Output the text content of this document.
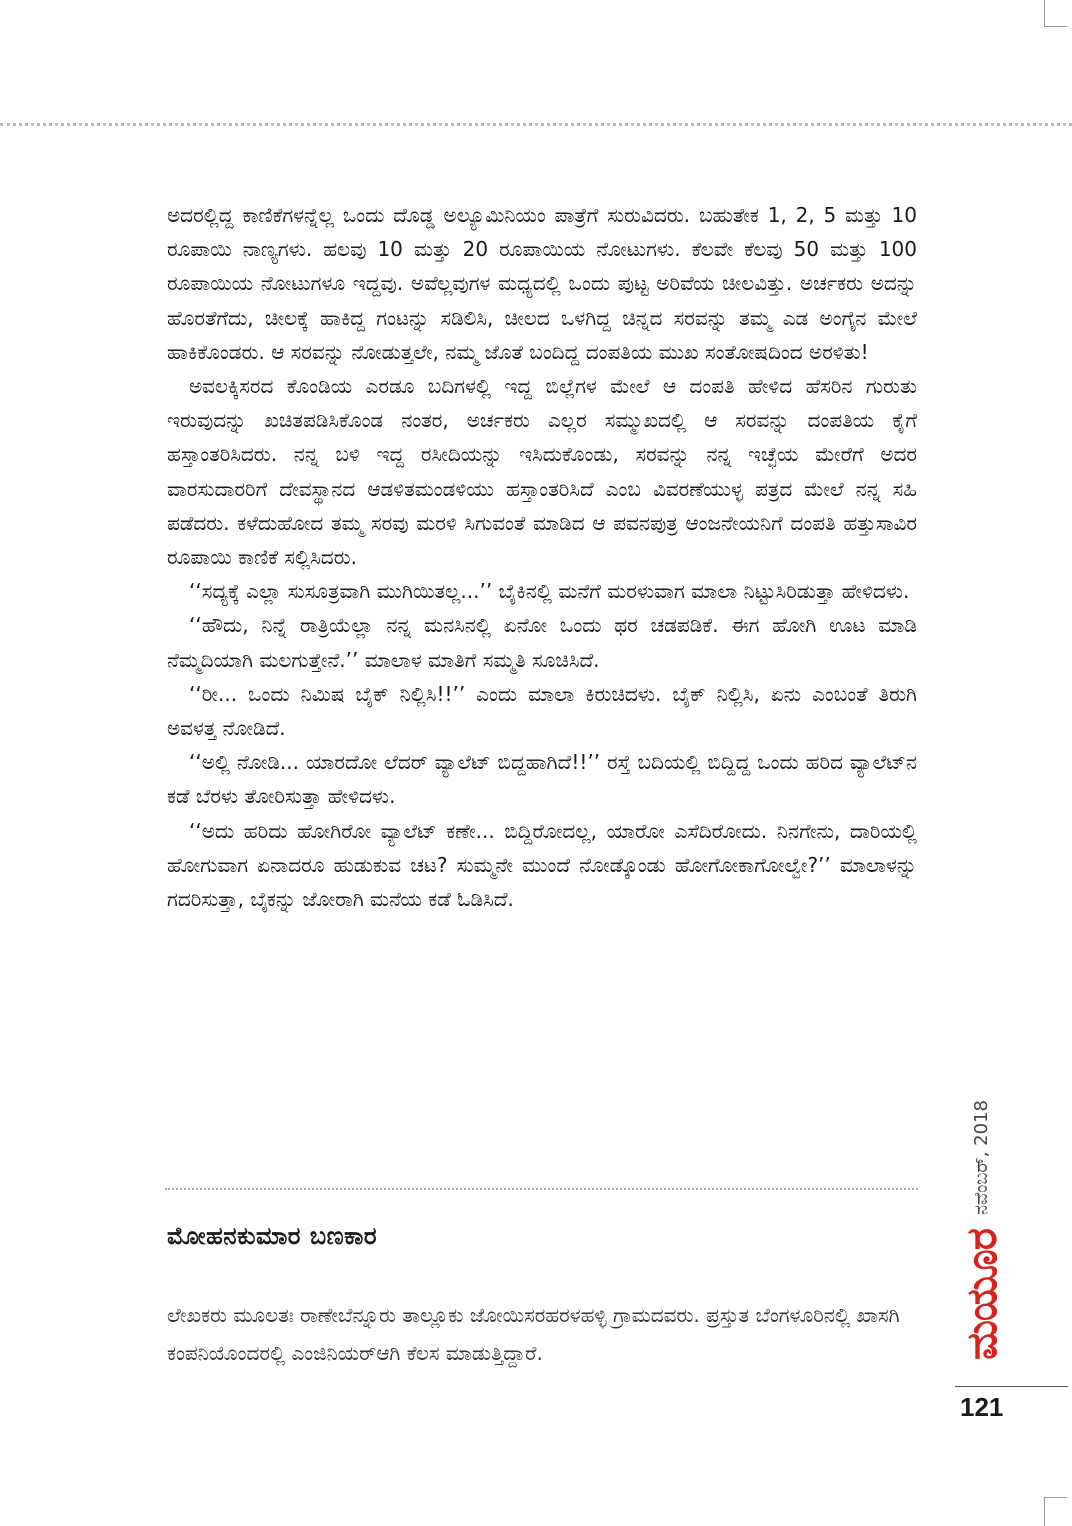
ಅದರಲ್ಲಿದ್ದ ಕಾಣಿಕೆಗಳನ್ನೆಲ್ಲ ಒಂದು ದೊಡ್ಡ ಅಲ್ಯೂಮಿನಿಯಂ ಪಾತ್ರೆಗೆ ಸುರುವಿದರು. ಬಹುತೇಕ 1, 2, 5 ಮತ್ತು 10 ರೂಪಾಯಿ ನಾಣ್ಯಗಳು. ಹಲವು 10 ಮತ್ತು 20 ರೂಪಾಯಿಯ ನೋಟುಗಳು. ಕೆಲವೇ ಕೆಲವು 50 ಮತ್ತು 100 ರೂಪಾಯಿಯ ನೋಟುಗಳೂ ಇದ್ದವು. ಅವೆಲ್ಲವುಗಳ ಮಧ್ಯದಲ್ಲಿ ಒಂದು ಪುಟ್ಟ ಅರಿವೆಯ ಚೀಲವಿತ್ತು. ಅರ್ಚಕರು ಅದನ್ನು ಹೊರತೆಗೆದು, ಚೀಲಕ್ಕೆ ಹಾಕಿದ್ದ ಗಂಟನ್ನು ಸಡಿಲಿಸಿ, ಚೀಲದ ಒಳಗಿದ್ದ ಚಿನ್ನದ ಸರವನ್ನು ತಮ್ಮ ಎಡ ಅಂಗೈನ ಮೇಲೆ ಹಾಕಿಕೊಂಡರು. ಆ ಸರವನ್ನು ನೋಡುತ್ತಲೇ, ನಮ್ಮ ಜೊತೆ ಬಂದಿದ್ದ ದಂಪತಿಯ ಮುಖ ಸಂತೋಷದಿಂದ ಅರಳಿತು!

ಅವಲಕ್ಕಿಸರದ ಕೊಂಡಿಯ ಎರಡೂ ಬದಿಗಳಲ್ಲಿ ಇದ್ದ ಬಿಲ್ಲೆಗಳ ಮೇಲೆ ಆ ದಂಪತಿ ಹೇಳಿದ ಹೆಸರಿನ ಗುರುತು ಇರುವುದನ್ನು ಖಚಿತಪಡಿಸಿಕೊಂಡ ನಂತರ, ಅರ್ಚಕರು ಎಲ್ಲರ ಸಮ್ಮುಖದಲ್ಲಿ ಆ ಸರವನ್ನು ದಂಪತಿಯ ಕೈಗೆ ಹಸ್ತಾಂತರಿಸಿದರು. ನನ್ನ ಬಳಿ ಇದ್ದ ರಸೀದಿಯನ್ನು ಇಸಿದುಕೊಂಡು, ಸರವನ್ನು ನನ್ನ ಇಚ್ಛೆಯ ಮೇರೆಗೆ ಅದರ ವಾರಸುದಾರರಿಗೆ ದೇವಸ್ಥಾನದ ಆಡಳಿತಮಂಡಳಿಯು ಹಸ್ತಾಂತರಿಸಿದೆ ಎಂಬ ವಿವರಣೆಯುಳ್ಳ ಪತ್ರದ ಮೇಲೆ ನನ್ನ ಸಹಿ ಪಡೆದರು. ಕಳೆದುಹೋದ ತಮ್ಮ ಸರವು ಮರಳಿ ಸಿಗುವಂತೆ ಮಾಡಿದ ಆ ಪವನಪುತ್ರ ಆಂಜನೇಯನಿಗೆ ದಂಪತಿ ಹತ್ತುಸಾವಿರ ರೂಪಾಯಿ ಕಾಣಿಕೆ ಸಲ್ಲಿಸಿದರು.

‘‘ಸದ್ಯಕ್ಕೆ ಎಲ್ಲಾ ಸುಸೂತ್ರವಾಗಿ ಮುಗಿಯಿತಲ್ಲ...’’ ಬೈಕಿನಲ್ಲಿ ಮನೆಗೆ ಮರಳುವಾಗ ಮಾಲಾ ನಿಟ್ಟುಸಿರಿಡುತ್ತಾ ಹೇಳಿದಳು.

‘‘ಹೌದು, ನಿನ್ನೆ ರಾತ್ರಿಯೆಲ್ಲಾ ನನ್ನ ಮನಸಿನಲ್ಲಿ ಏನೋ ಒಂದು ಥರ ಚಡಪಡಿಕೆ. ಈಗ ಹೋಗಿ ಊಟ ಮಾಡಿ ನೆಮ್ಮದಿಯಾಗಿ ಮಲಗುತ್ತೇನೆ.’’ ಮಾಲಾಳ ಮಾತಿಗೆ ಸಮ್ಮತಿ ಸೂಚಿಸಿದೆ.

‘‘ರೀ... ಒಂದು ನಿಮಿಷ ಬೈಕ್ ನಿಲ್ಲಿಸಿ!!’’ ಎಂದು ಮಾಲಾ ಕಿರುಚಿದಳು. ಬೈಕ್ ನಿಲ್ಲಿಸಿ, ಏನು ಎಂಬಂತೆ ತಿರುಗಿ ಅವಳತ್ತ ನೋಡಿದೆ.

‘‘ಅಲ್ಲಿ ನೋಡಿ... ಯಾರದೋ ಲೆದರ್ ವ್ಯಾಲೆಟ್ ಬಿದ್ದಹಾಗಿದೆ!!’’ ರಸ್ತೆ ಬದಿಯಲ್ಲಿ ಬಿದ್ದಿದ್ದ ಒಂದು ಹರಿದ ವ್ಯಾಲೆಟ್‌ನ ಕಡೆ ಬೆರಳು ತೋರಿಸುತ್ತಾ ಹೇಳಿದಳು.

‘‘ಅದು ಹರಿದು ಹೋಗಿರೋ ವ್ಯಾಲೆಟ್ ಕಣೇ... ಬಿದ್ದಿರೋದಲ್ಲ, ಯಾರೋ ಎಸೆದಿರೋದು. ನಿನಗೇನು, ದಾರಿಯಲ್ಲಿ ಹೋಗುವಾಗ ಏನಾದರೂ ಹುಡುಕುವ ಚಟ? ಸುಮ್ಮನೇ ಮುಂದೆ ನೋಡ್ಕೊಂಡು ಹೋಗೋಕಾಗೋಲ್ವೇ?’’ ಮಾಲಾಳನ್ನು ಗದರಿಸುತ್ತಾ, ಬೈಕನ್ನು ಜೋರಾಗಿ ಮನೆಯ ಕಡೆ ಓಡಿಸಿದೆ.

ಮೋಹನಕುಮಾರ ಬಣಕಾರ
ಲೇಖಕರು ಮೂಲತಃ ರಾಣೇಬೆನ್ನೂರು ತಾಲ್ಲೂಕು ಜೋಯಿಸರಹರಳಹಳ್ಳಿ ಗ್ರಾಮದವರು. ಪ್ರಸ್ತುತ ಬೆಂಗಳೂರಿನಲ್ಲಿ ಖಾಸಗಿ ಕಂಪನಿಯೊಂದರಲ್ಲಿ ಎಂಜಿನಿಯರ್‌ಆಗಿ ಕೆಲಸ ಮಾಡುತ್ತಿದ್ದಾರೆ.	ಮಯೂರ
ನವೆಂಬರ್, 2018
121
